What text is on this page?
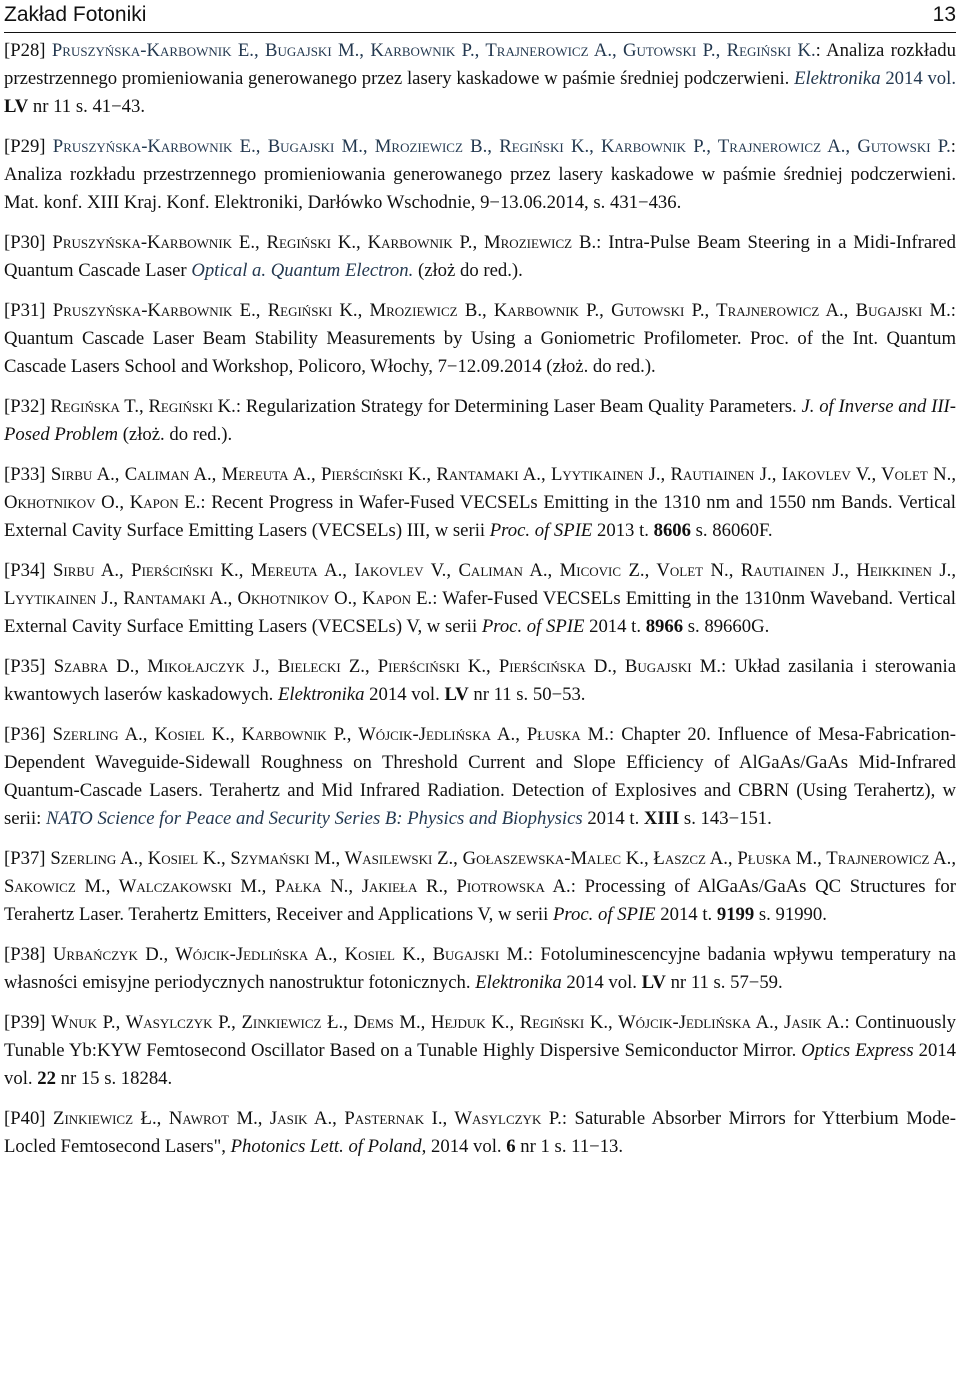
Zakład Fotoniki	13

[P28] Pruszyńska-Karbownik E., Bugajski M., Karbownik P., Trajnerowicz A., Gutowski P., Regiński K.: Analiza rozkładu przestrzennego promieniowania generowanego przez lasery kaskadowe w paśmie średniej podczerwieni. Elektronika 2014 vol. LV nr 11 s. 41−43.

[P29] Pruszyńska-Karbownik E., Bugajski M., Mroziewicz B., Regiński K., Karbownik P., Trajnerowicz A., Gutowski P.: Analiza rozkładu przestrzennego promieniowania generowanego przez lasery kaskadowe w paśmie średniej podczerwieni. Mat. konf. XIII Kraj. Konf. Elektroniki, Darłówko Wschodnie, 9−13.06.2014, s. 431−436.

[P30] Pruszyńska-Karbownik E., Regiński K., Karbownik P., Mroziewicz B.: Intra-Pulse Beam Steering in a Midi-Infrared Quantum Cascade Laser Optical a. Quantum Electron. (złoż do red.).

[P31] Pruszyńska-Karbownik E., Regiński K., Mroziewicz B., Karbownik P., Gutowski P., Trajnerowicz A., Bugajski M.: Quantum Cascade Laser Beam Stability Measurements by Using a Goniometric Profilometer. Proc. of the Int. Quantum Cascade Lasers School and Workshop, Policoro, Włochy, 7−12.09.2014 (złoż. do red.).

[P32] Regińska T., Regiński K.: Regularization Strategy for Determining Laser Beam Quality Parameters. J. of Inverse and III-Posed Problem (złoż. do red.).

[P33] Sirbu A., Caliman A., Mereuta A., Pierściński K., Rantamaki A., Lyytikainen J., Rautiainen J., Iakovlev V., Volet N., Okhotnikov O., Kapon E.: Recent Progress in Wafer-Fused VECSELs Emitting in the 1310 nm and 1550 nm Bands. Vertical External Cavity Surface Emitting Lasers (VECSELs) III, w serii Proc. of SPIE 2013 t. 8606 s. 86060F.

[P34] Sirbu A., Pierściński K., Mereuta A., Iakovlev V., Caliman A., Micovic Z., Volet N., Rautiainen J., Heikkinen J., Lyytikainen J., Rantamaki A., Okhotnikov O., Kapon E.: Wafer-Fused VECSELs Emitting in the 1310nm Waveband. Vertical External Cavity Surface Emitting Lasers (VECSELs) V, w serii Proc. of SPIE 2014 t. 8966 s. 89660G.

[P35] Szabra D., Mikołajczyk J., Bielecki Z., Pierściński K., Pierścińska D., Bugajski M.: Układ zasilania i sterowania kwantowych laserów kaskadowych. Elektronika 2014 vol. LV nr 11 s. 50−53.

[P36] Szerling A., Kosiel K., Karbownik P., Wójcik-Jedlińska A., Płuska M.: Chapter 20. Influence of Mesa-Fabrication-Dependent Waveguide-Sidewall Roughness on Threshold Current and Slope Efficiency of AlGaAs/GaAs Mid-Infrared Quantum-Cascade Lasers. Terahertz and Mid Infrared Radiation. Detection of Explosives and CBRN (Using Terahertz), w serii: NATO Science for Peace and Security Series B: Physics and Biophysics 2014 t. XIII s. 143−151.

[P37] Szerling A., Kosiel K., Szymański M., Wasilewski Z., Gołaszewska-Malec K., Łaszcz A., Płuska M., Trajnerowicz A., Sakowicz M., Walczakowski M., Pałka N., Jakieła R., Piotrowska A.: Processing of AlGaAs/GaAs QC Structures for Terahertz Laser. Terahertz Emitters, Receiver and Applications V, w serii Proc. of SPIE 2014 t. 9199 s. 91990.

[P38] Urbańczyk D., Wójcik-Jedlińska A., Kosiel K., Bugajski M.: Fotoluminescencyjne badania wpływu temperatury na własności emisyjne periodycznych nanostruktur fotonicznych. Elektronika 2014 vol. LV nr 11 s. 57−59.

[P39] Wnuk P., Wasylczyk P., Zinkiewicz Ł., Dems M., Hejduk K., Regiński K., Wójcik-Jedlińska A., Jasik A.: Continuously Tunable Yb:KYW Femtosecond Oscillator Based on a Tunable Highly Dispersive Semiconductor Mirror. Optics Express 2014 vol. 22 nr 15 s. 18284.

[P40] Zinkiewicz Ł., Nawrot M., Jasik A., Pasternak I., Wasylczyk P.: Saturable Absorber Mirrors for Ytterbium Mode-Locled Femtosecond Lasers", Photonics Lett. of Poland, 2014 vol. 6 nr 1 s. 11−13.
